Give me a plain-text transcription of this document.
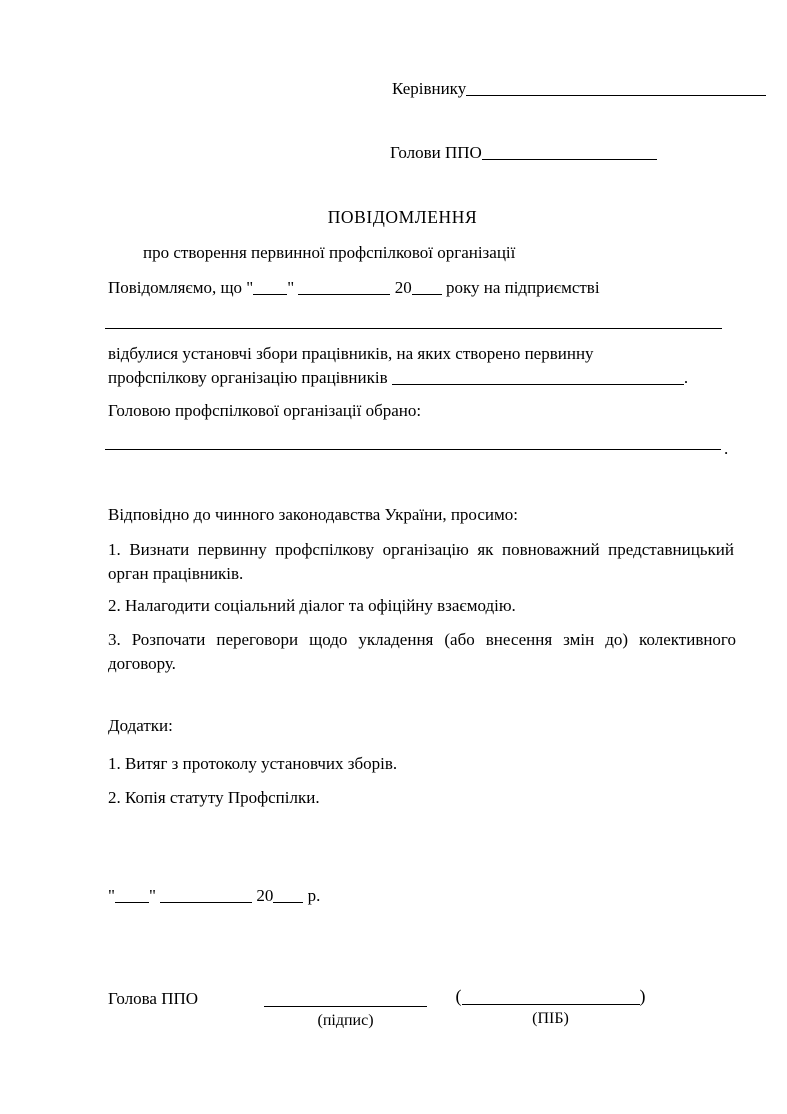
Керівнику
Голови ППО
ПОВІДОМЛЕННЯ
про створення первинної профспілкової організації
Повідомляємо, що " "	20 року на підприємстві
відбулися установчі збори працівників, на яких створено первинну
профспілкову організацію працівників	.
Головою профспілкової організації обрано:
.
Відповідно до чинного законодавства України, просимо:
1. Визнати первинну профспілкову організацію як повноважний представницький орган працівників.
2. Налагодити соціальний діалог та офіційну взаємодію.
3. Розпочати переговори щодо укладення (або внесення змін до) колективного договору.
Додатки:
1. Витяг з протоколу установчих зборів.
2. Копія статуту Профспілки.
" "	20 р.
Голова ППО
(підпис)
(	)
(ПІБ)
